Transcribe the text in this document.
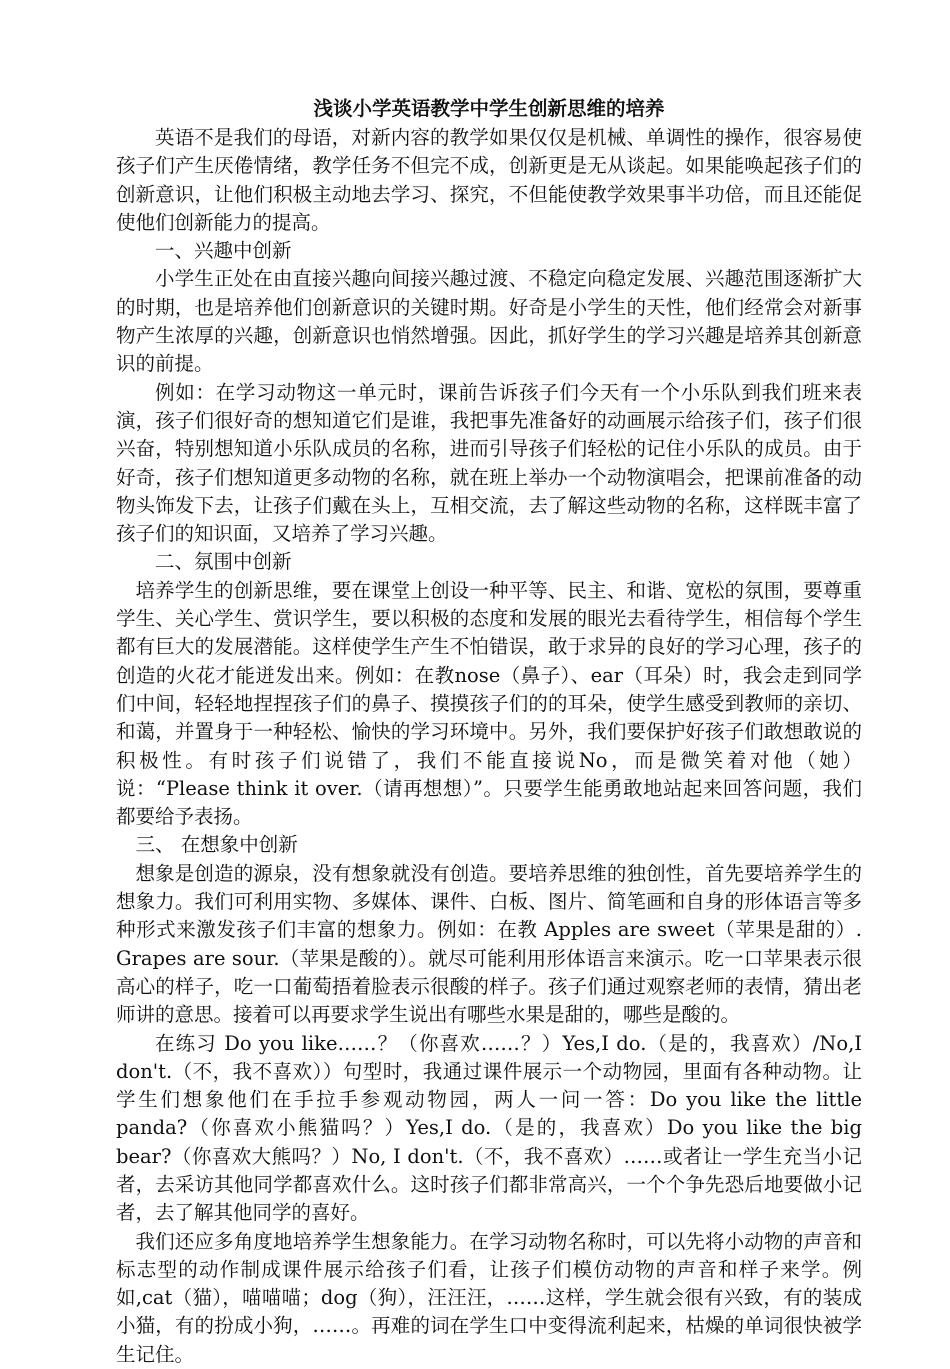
浅谈小学英语教学中学生创新思维的培养

英语不是我们的母语，对新内容的教学如果仅仅是机械、单调性的操作，很容易使孩子们产生厌倦情绪，教学任务不但完不成，创新更是无从谈起。如果能唤起孩子们的创新意识，让他们积极主动地去学习、探究，不但能使教学效果事半功倍，而且还能促使他们创新能力的提高。

一、兴趣中创新

小学生正处在由直接兴趣向间接兴趣过渡、不稳定向稳定发展、兴趣范围逐渐扩大的时期，也是培养他们创新意识的关键时期。好奇是小学生的天性，他们经常会对新事物产生浓厚的兴趣，创新意识也悄然增强。因此，抓好学生的学习兴趣是培养其创新意识的前提。

例如：在学习动物这一单元时，课前告诉孩子们今天有一个小乐队到我们班来表演，孩子们很好奇的想知道它们是谁，我把事先准备好的动画展示给孩子们，孩子们很兴奋，特别想知道小乐队成员的名称，进而引导孩子们轻松的记住小乐队的成员。由于好奇，孩子们想知道更多动物的名称，就在班上举办一个动物演唱会，把课前准备的动物头饰发下去，让孩子们戴在头上，互相交流，去了解这些动物的名称，这样既丰富了孩子们的知识面，又培养了学习兴趣。

二、氛围中创新

培养学生的创新思维，要在课堂上创设一种平等、民主、和谐、宽松的氛围，要尊重学生、关心学生、赏识学生，要以积极的态度和发展的眼光去看待学生，相信每个学生都有巨大的发展潜能。这样使学生产生不怕错误，敢于求异的良好的学习心理，孩子的创造的火花才能迸发出来。例如：在教nose（鼻子）、ear（耳朵）时，我会走到同学们中间，轻轻地捏捏孩子们的鼻子、摸摸孩子们的的耳朵，使学生感受到教师的亲切、和蔼，并置身于一种轻松、愉快的学习环境中。另外，我们要保护好孩子们敢想敢说的积极性。有时孩子们说错了，我们不能直接说No，而是微笑着对他（她）说：“Please think it over.（请再想想）”。只要学生能勇敢地站起来回答问题，我们都要给予表扬。

三、 在想象中创新

想象是创造的源泉，没有想象就没有创造。要培养思维的独创性，首先要培养学生的想象力。我们可利用实物、多媒体、课件、白板、图片、简笔画和自身的形体语言等多种形式来激发孩子们丰富的想象力。例如：在教 Apples are sweet（苹果是甜的）. Grapes are sour.（苹果是酸的）。就尽可能利用形体语言来演示。吃一口苹果表示很高心的样子，吃一口葡萄捂着脸表示很酸的样子。孩子们通过观察老师的表情，猜出老师讲的意思。接着可以再要求学生说出有哪些水果是甜的，哪些是酸的。

在练习 Do you like……？（你喜欢……？）Yes,I do.（是的，我喜欢）/No,I don't.（不，我不喜欢））句型时，我通过课件展示一个动物园，里面有各种动物。让学生们想象他们在手拉手参观动物园，两人一问一答：Do you like the little panda?（你喜欢小熊猫吗？）Yes,I do.（是的，我喜欢）Do you like the big bear?（你喜欢大熊吗？）No, I don't.（不，我不喜欢）……或者让一学生充当小记者，去采访其他同学都喜欢什么。这时孩子们都非常高兴，一个个争先恐后地要做小记者，去了解其他同学的喜好。

我们还应多角度地培养学生想象能力。在学习动物名称时，可以先将小动物的声音和标志型的动作制成课件展示给孩子们看，让孩子们模仿动物的声音和样子来学。例如,cat（猫），喵喵喵；dog（狗），汪汪汪，……这样，学生就会很有兴致，有的装成小猫，有的扮成小狗，……。再难的词在学生口中变得流利起来，枯燥的单词很快被学生记住。
